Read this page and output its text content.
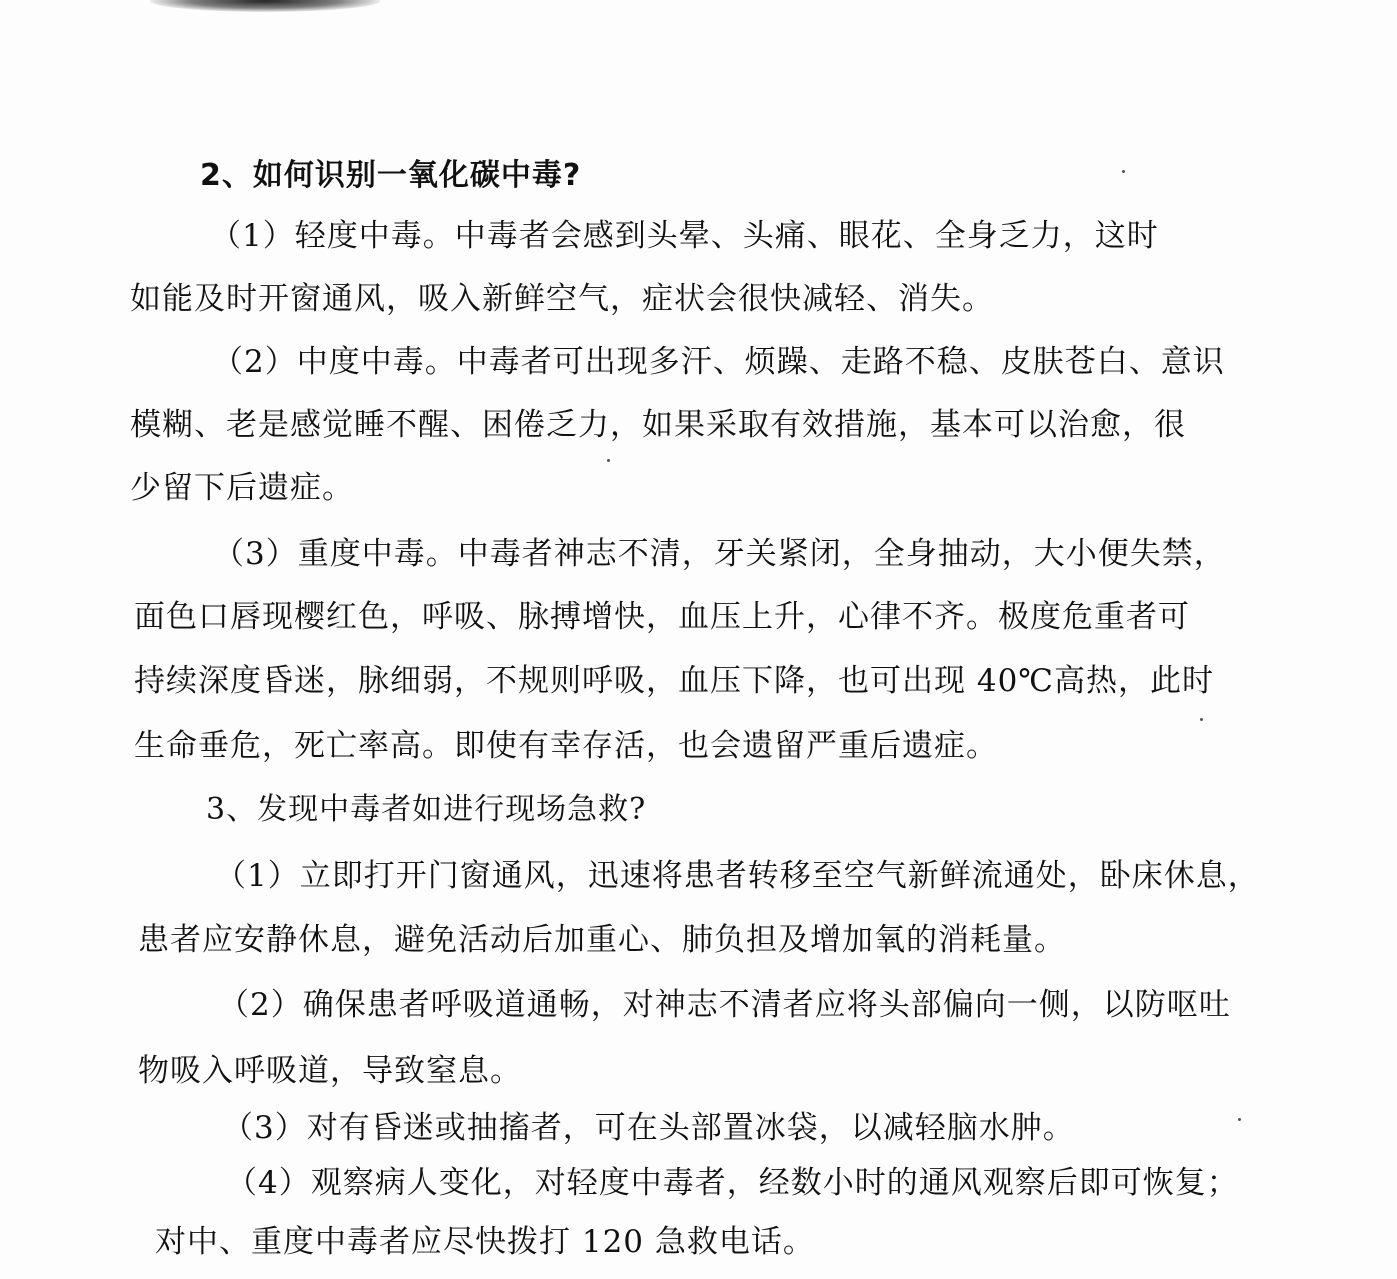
2、如何识别一氧化碳中毒?
（1）轻度中毒。中毒者会感到头晕、头痛、眼花、全身乏力，这时
如能及时开窗通风，吸入新鲜空气，症状会很快减轻、消失。
（2）中度中毒。中毒者可出现多汗、烦躁、走路不稳、皮肤苍白、意识
模糊、老是感觉睡不醒、困倦乏力，如果采取有效措施，基本可以治愈，很
少留下后遗症。
（3）重度中毒。中毒者神志不清，牙关紧闭，全身抽动，大小便失禁，
面色口唇现樱红色，呼吸、脉搏增快，血压上升，心律不齐。极度危重者可
持续深度昏迷，脉细弱，不规则呼吸，血压下降，也可出现 40℃高热，此时
生命垂危，死亡率高。即使有幸存活，也会遗留严重后遗症。
3、发现中毒者如进行现场急救?
（1）立即打开门窗通风，迅速将患者转移至空气新鲜流通处，卧床休息，
患者应安静休息，避免活动后加重心、肺负担及增加氧的消耗量。
（2）确保患者呼吸道通畅，对神志不清者应将头部偏向一侧，以防呕吐
物吸入呼吸道，导致窒息。
（3）对有昏迷或抽搐者，可在头部置冰袋，以减轻脑水肿。
（4）观察病人变化，对轻度中毒者，经数小时的通风观察后即可恢复；
对中、重度中毒者应尽快拨打 120 急救电话。
